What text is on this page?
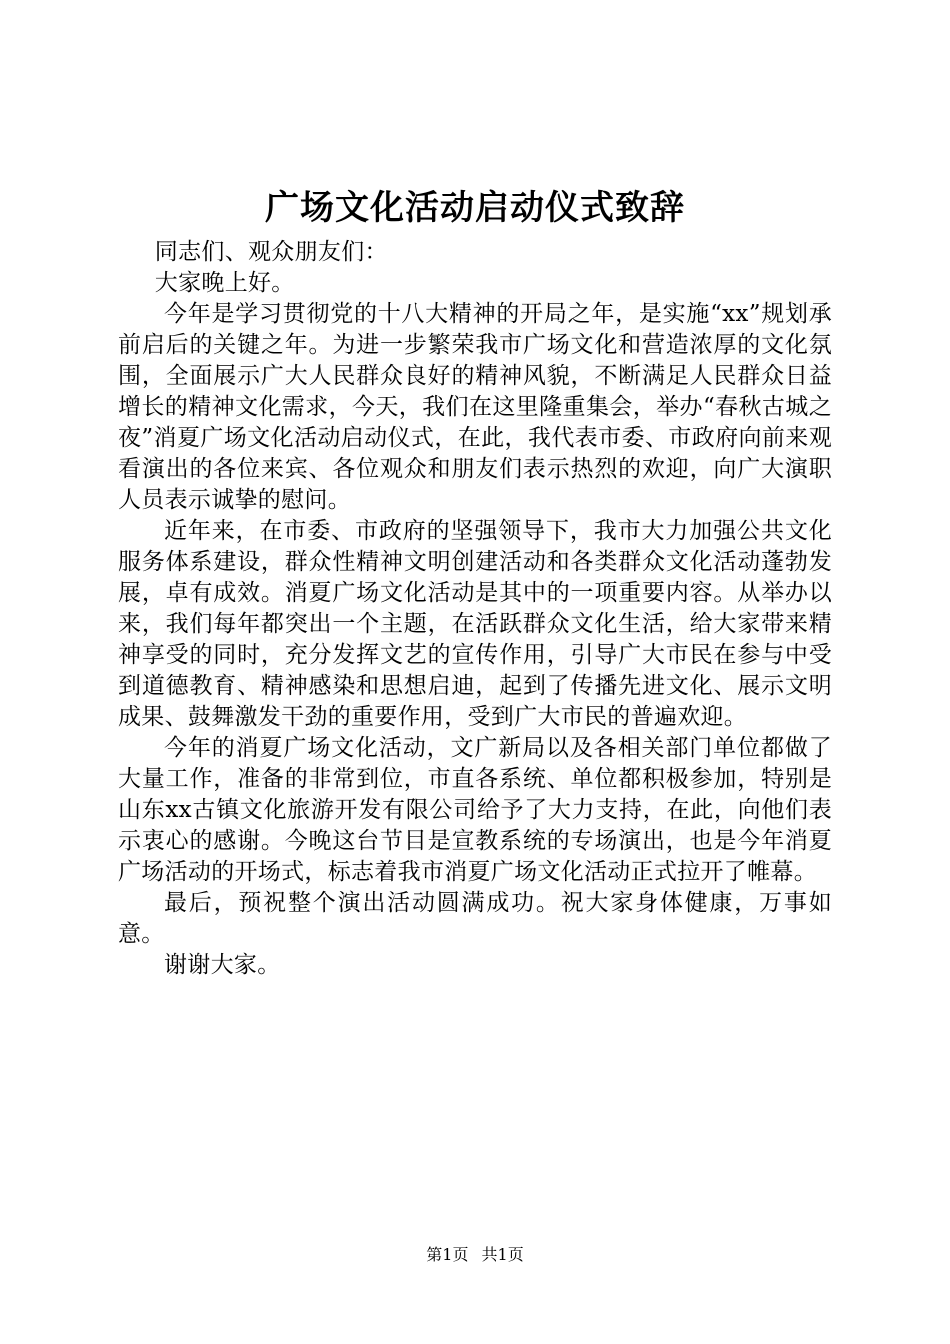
广场文化活动启动仪式致辞

同志们、观众朋友们：

大家晚上好。

今年是学习贯彻党的十八大精神的开局之年，是实施“xx”规划承前启后的关键之年。为进一步繁荣我市广场文化和营造浓厚的文化氛围，全面展示广大人民群众良好的精神风貌，不断满足人民群众日益增长的精神文化需求，今天，我们在这里隆重集会，举办“春秋古城之夜”消夏广场文化活动启动仪式，在此，我代表市委、市政府向前来观看演出的各位来宾、各位观众和朋友们表示热烈的欢迎，向广大演职人员表示诚挚的慰问。

近年来，在市委、市政府的坚强领导下，我市大力加强公共文化服务体系建设，群众性精神文明创建活动和各类群众文化活动蓬勃发展，卓有成效。消夏广场文化活动是其中的一项重要内容。从举办以来，我们每年都突出一个主题，在活跃群众文化生活，给大家带来精神享受的同时，充分发挥文艺的宣传作用，引导广大市民在参与中受到道德教育、精神感染和思想启迪，起到了传播先进文化、展示文明成果、鼓舞激发干劲的重要作用，受到广大市民的普遍欢迎。

今年的消夏广场文化活动，文广新局以及各相关部门单位都做了大量工作，准备的非常到位，市直各系统、单位都积极参加，特别是山东xx古镇文化旅游开发有限公司给予了大力支持，在此，向他们表示衷心的感谢。今晚这台节目是宣教系统的专场演出，也是今年消夏广场活动的开场式，标志着我市消夏广场文化活动正式拉开了帷幕。

最后，预祝整个演出活动圆满成功。祝大家身体健康，万事如意。

谢谢大家。

第1页 共1页
